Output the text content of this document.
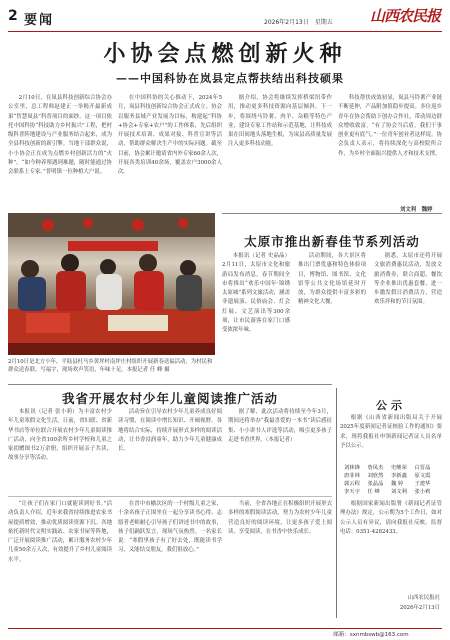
2 要闻	2026年2月13日　星期五 山西农民报
小协会点燃创新火种
——中国科协在岚县定点帮扶结出科技硕果

2月10日，在岚县科技创新综合协会办公室里，总工程师赵建正一举揭开最新成果“智慧岚县”科普项目的面纱。这一项目依托中国科协“科技助力乡村振兴”工程，把村级科普阵地建设与产业服务结合起来，成为全县科技创新的新引擎。当地干部群众说，小小协会正在成为点燃乡村创新活力的“火种”。“如今种养殖遇到难题，随时能通过协会联系上专家。”普明镇一位种植大户说。

在中国科协的关心推动下，2024年5月，岚县科技创新综合协会正式成立。协会以服务县域产业发展为目标，构建起“科协+协会+专家+农户”的工作体系，先后组织开展技术培训、成果对接、科普宣讲等活动，帮助群众解决生产中的实际问题。截至目前，协会累计邀请省内外专家60余人次，开展各类培训40余场，覆盖农户3000余人次。

据介绍，协会将继续发挥桥梁纽带作用，推动更多科技资源向基层倾斜。下一步，将围绕马铃薯、肉羊、杂粮等特色产业，建设专家工作站和示范基地，让科技成果在田间地头落地生根，为岚县高质量发展注入更多科技动能。

科技帮扶成效初显，岚县马铃薯产业链不断延伸，产品附加值稳步提高。多位返乡青年在协会帮助下创办合作社，带动周边群众增收致富。“有了协会当后盾，我们干事创业更有底气。”一位青年创业者这样说。协会负责人表示，将持续深化与高校院所合作，为乡村全面振兴提供人才和技术支撑。

刘文利　魏婷
2月10日是北方小年，平陆县杜马乡黄坪村南坪庄村组织开展新春送福活动，为村民和群众送春联、写福字，现场欢声笑语，年味十足。本报记者 任 峰 摄
太原市推出新春佳节系列活动

本报讯（记者 史晶晶）2月11日，太原市文化和旅游局发布消息，春节期间全市将推出“欢乐中国年·锦绣太原城”系列文旅活动，涵盖非遗展演、民俗庙会、灯会灯展、文艺演出等300余项，让市民游客在家门口感受浓浓年味。

活动期间，各大景区将推出门票优惠和特色体验项目，博物馆、图书馆、文化馆等公共文化场馆延时开放，为群众提供丰富多彩的精神文化大餐。

据悉，太原市还将开展文旅消费惠民活动，发放文旅消费券，联合商超、餐饮等企业推出优惠套餐，进一步激发假日消费活力，营造欢乐祥和的节日氛围。

我省开展农村少年儿童阅读推广活动

本报讯（记者 张小莉）为丰富农村少年儿童寒假文化生活，日前，省妇联、省新华书店等单位联合开展农村少年儿童阅读推广活动，向全省100余所乡村学校和儿童之家捐赠图书2万余册，组织开展亲子共读、故事分享等活动。

活动旨在引导农村少年儿童养成良好阅读习惯，在阅读中增长知识、开阔视野。各地将结合实际，持续开展形式多样的阅读活动，让书香浸润童年，助力少年儿童健康成长。

据了解，此次活动将持续至今年3月，期间还将举办“我最喜爱的一本书”读后感征集、小小讲书人评选等活动，吸引更多孩子走进书香世界。（本报记者）

“让孩子们在家门口就能读到好书。”活动负责人介绍，近年来我省持续推进农家书屋提质增效，推动优质阅读资源下沉。各地依托新时代文明实践站、农家书屋等阵地，广泛开展阅读推广活动，累计服务农村少年儿童50余万人次，有效提升了乡村儿童阅读水平。

在晋中市榆次区的一个村级儿童之家，十余名孩子正围坐在一起分享读书心得。志愿者老师耐心引导孩子们讲述书中的故事，孩子们踊跃发言，现场气氛热烈。一名家长说：“寒假里孩子有了好去处，既能读书学习，又能结交朋友，我们很放心。”

当前，全省各地正在积极组织开展形式多样的寒假阅读活动，努力为农村少年儿童营造良好的阅读环境，让更多孩子爱上阅读、享受阅读，在书香中快乐成长。

公示

根据《山西省新闻出版局关于开展2025年度新闻记者证核验工作的通知》要求，现将我报社申领新闻记者证人员名单予以公示。

刘林锋	詹凤杰	史继荣	白晋晶
唐菲林	刘欣然	李新鑫	原文霞
郭云程	张晶晶	魏 婷	王建华
李天宇	任 峰	刘文利	张小莉

根据国家新闻出版署《新闻记者证管理办法》规定，公示期为5个工作日，如对公示人员有异议，请向我报社反映。监督电话：0351-4282433。

山西农民报社
2026年2月13日
邮箱：sxnmbswb@163.com
